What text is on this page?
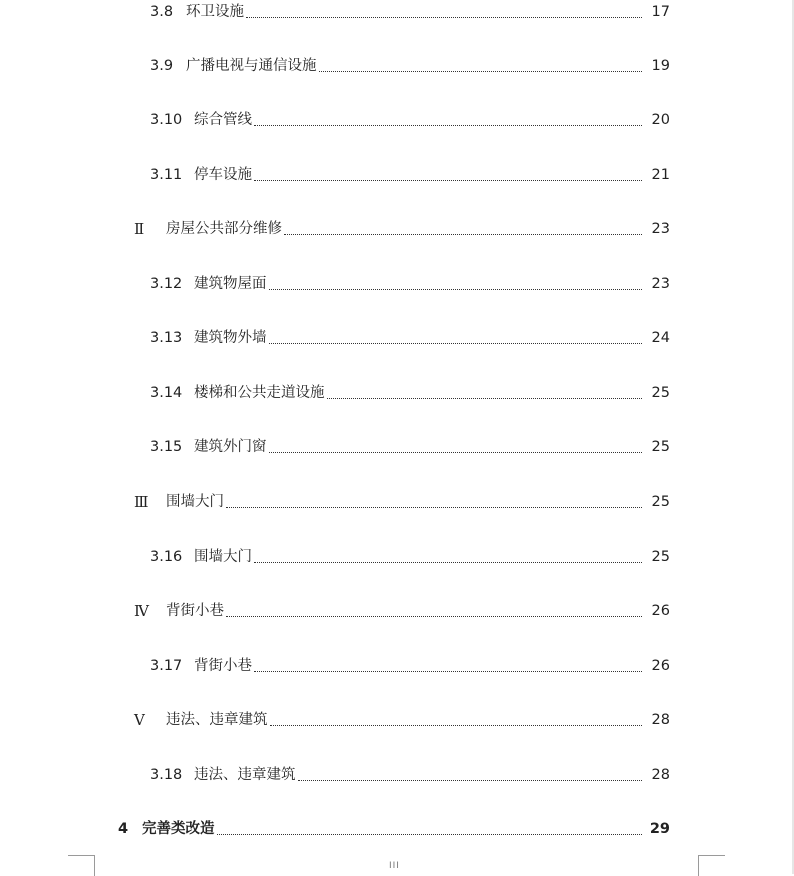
3.8 环卫设施	17
3.9 广播电视与通信设施	19
3.10 综合管线	20
3.11 停车设施	21
Ⅱ	房屋公共部分维修	23
3.12 建筑物屋面	23
3.13 建筑物外墙	24
3.14 楼梯和公共走道设施	25
3.15 建筑外门窗	25
Ⅲ	围墙大门	25
3.16 围墙大门	25
Ⅳ	背街小巷	26
3.17 背街小巷	26
Ⅴ	违法、违章建筑	28
3.18 违法、违章建筑	28
4 完善类改造	29
III
